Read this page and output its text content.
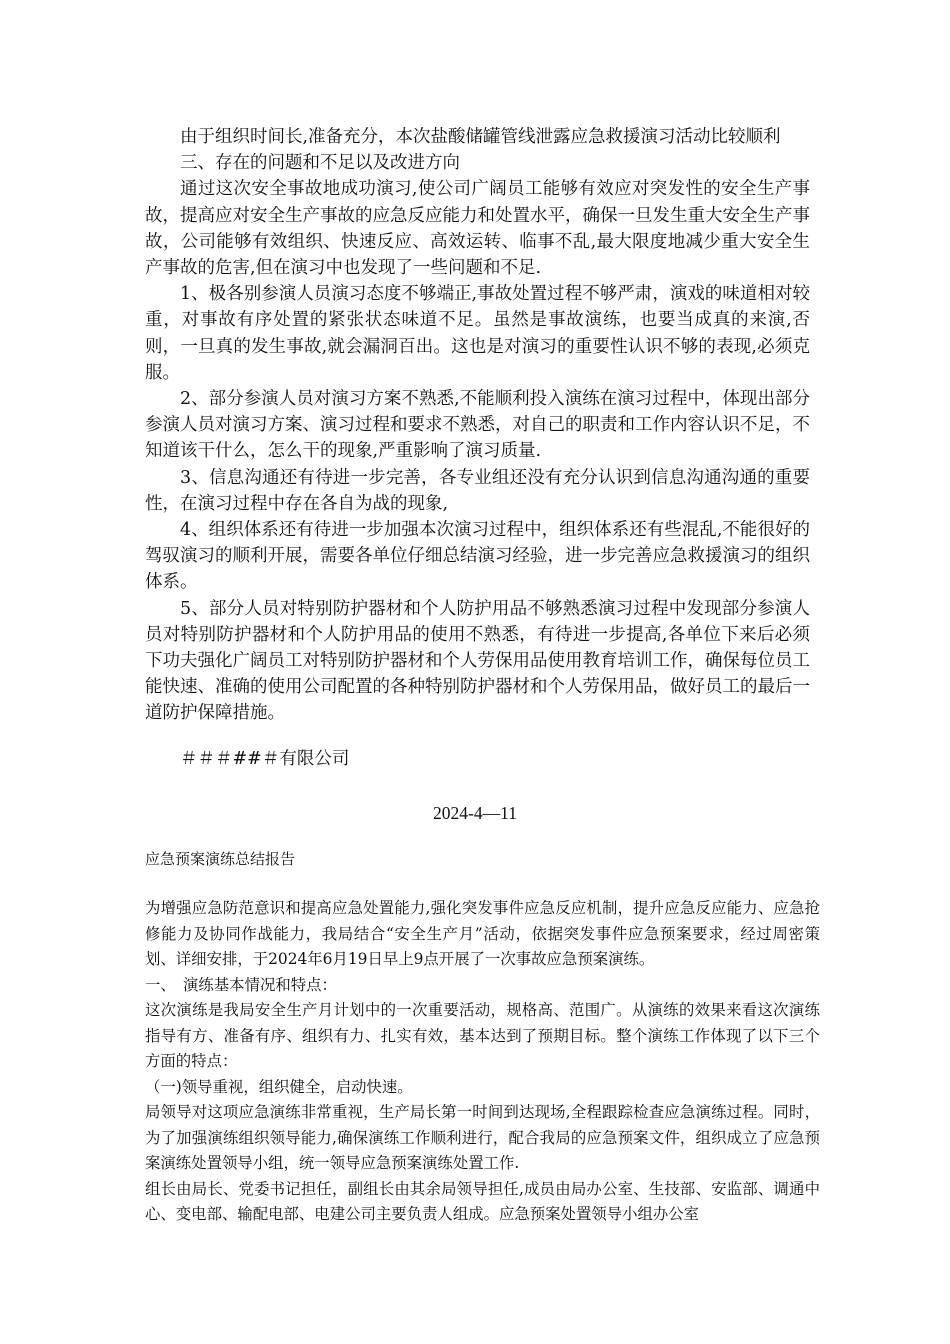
由于组织时间长,准备充分，本次盐酸储罐管线泄露应急救援演习活动比较顺利

三、存在的问题和不足以及改进方向

通过这次安全事故地成功演习,使公司广阔员工能够有效应对突发性的安全生产事故，提高应对安全生产事故的应急反应能力和处置水平，确保一旦发生重大安全生产事故，公司能够有效组织、快速反应、高效运转、临事不乱,最大限度地减少重大安全生产事故的危害,但在演习中也发现了一些问题和不足.

1、极各别参演人员演习态度不够端正,事故处置过程不够严肃，演戏的味道相对较重，对事故有序处置的紧张状态味道不足。虽然是事故演练，也要当成真的来演,否则，一旦真的发生事故,就会漏洞百出。这也是对演习的重要性认识不够的表现,必须克服。

2、部分参演人员对演习方案不熟悉,不能顺利投入演练在演习过程中，体现出部分参演人员对演习方案、演习过程和要求不熟悉，对自己的职责和工作内容认识不足，不知道该干什么，怎么干的现象,严重影响了演习质量.

3、信息沟通还有待进一步完善，各专业组还没有充分认识到信息沟通沟通的重要性，在演习过程中存在各自为战的现象,

4、组织体系还有待进一步加强本次演习过程中，组织体系还有些混乱,不能很好的驾驭演习的顺利开展，需要各单位仔细总结演习经验，进一步完善应急救援演习的组织体系。

5、部分人员对特别防护器材和个人防护用品不够熟悉演习过程中发现部分参演人员对特别防护器材和个人防护用品的使用不熟悉，有待进一步提高,各单位下来后必须下功夫强化广阔员工对特别防护器材和个人劳保用品使用教育培训工作，确保每位员工能快速、准确的使用公司配置的各种特别防护器材和个人劳保用品，做好员工的最后一道防护保障措施。

＃＃＃##＃有限公司
2024-4—11
应急预案演练总结报告

为增强应急防范意识和提高应急处置能力,强化突发事件应急反应机制，提升应急反应能力、应急抢修能力及协同作战能力，我局结合“安全生产月”活动，依据突发事件应急预案要求，经过周密策划、详细安排，于2024年6月19日早上9点开展了一次事故应急预案演练。

一、 演练基本情况和特点：

这次演练是我局安全生产月计划中的一次重要活动，规格高、范围广。从演练的效果来看这次演练指导有方、准备有序、组织有力、扎实有效，基本达到了预期目标。整个演练工作体现了以下三个方面的特点：

（一)领导重视，组织健全，启动快速。

局领导对这项应急演练非常重视，生产局长第一时间到达现场,全程跟踪检查应急演练过程。同时，为了加强演练组织领导能力,确保演练工作顺利进行，配合我局的应急预案文件，组织成立了应急预案演练处置领导小组，统一领导应急预案演练处置工作.

组长由局长、党委书记担任，副组长由其余局领导担任,成员由局办公室、生技部、安监部、调通中心、变电部、输配电部、电建公司主要负责人组成。应急预案处置领导小组办公室
